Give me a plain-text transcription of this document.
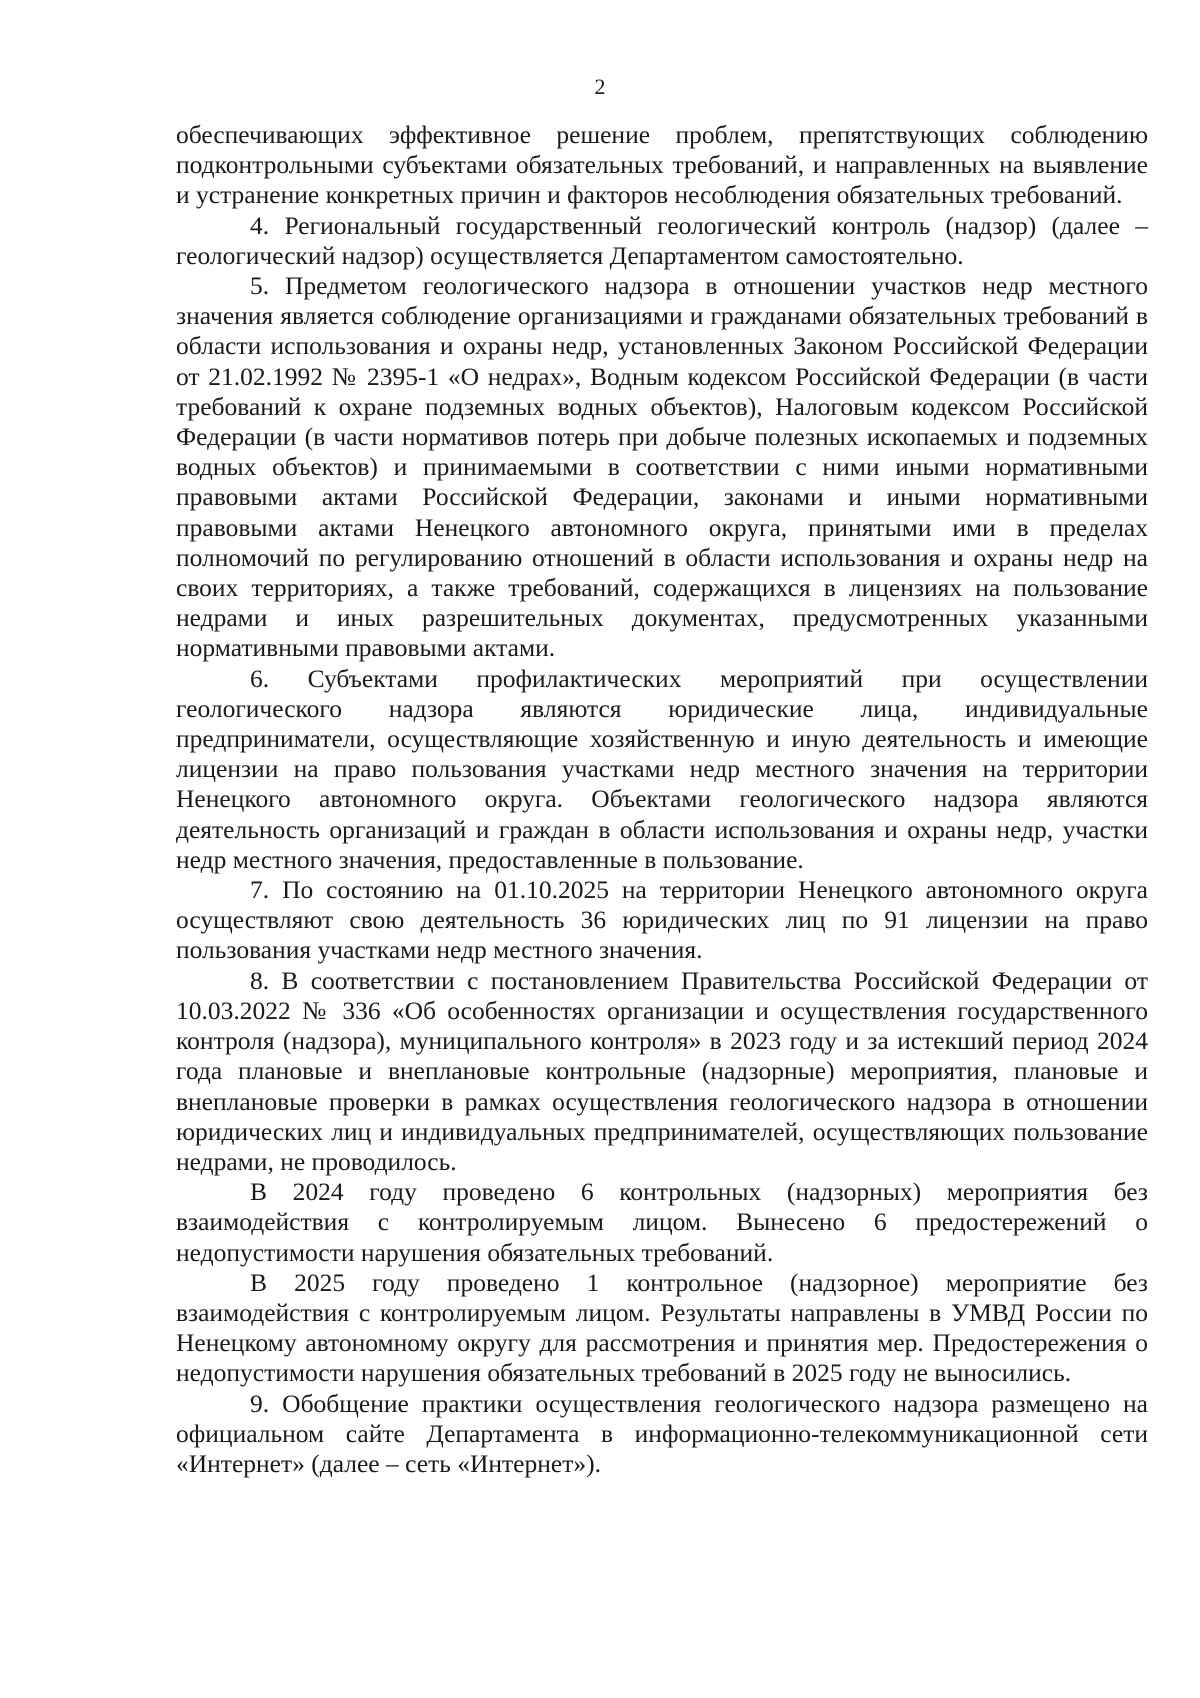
2

обеспечивающих эффективное решение проблем, препятствующих соблюдению подконтрольными субъектами обязательных требований, и направленных на выявление и устранение конкретных причин и факторов несоблюдения обязательных требований.

4. Региональный государственный геологический контроль (надзор) (далее – геологический надзор) осуществляется Департаментом самостоятельно.

5. Предметом геологического надзора в отношении участков недр местного значения является соблюдение организациями и гражданами обязательных требований в области использования и охраны недр, установленных Законом Российской Федерации от 21.02.1992 № 2395-1 «О недрах», Водным кодексом Российской Федерации (в части требований к охране подземных водных объектов), Налоговым кодексом Российской Федерации (в части нормативов потерь при добыче полезных ископаемых и подземных водных объектов) и принимаемыми в соответствии с ними иными нормативными правовыми актами Российской Федерации, законами и иными нормативными правовыми актами Ненецкого автономного округа, принятыми ими в пределах полномочий по регулированию отношений в области использования и охраны недр на своих территориях, а также требований, содержащихся в лицензиях на пользование недрами и иных разрешительных документах, предусмотренных указанными нормативными правовыми актами.

6. Субъектами профилактических мероприятий при осуществлении геологического надзора являются юридические лица, индивидуальные предприниматели, осуществляющие хозяйственную и иную деятельность и имеющие лицензии на право пользования участками недр местного значения на территории Ненецкого автономного округа. Объектами геологического надзора являются деятельность организаций и граждан в области использования и охраны недр, участки недр местного значения, предоставленные в пользование.

7. По состоянию на 01.10.2025 на территории Ненецкого автономного округа осуществляют свою деятельность 36 юридических лиц по 91 лицензии на право пользования участками недр местного значения.

8. В соответствии с постановлением Правительства Российской Федерации от 10.03.2022 № 336 «Об особенностях организации и осуществления государственного контроля (надзора), муниципального контроля» в 2023 году и за истекший период 2024 года плановые и внеплановые контрольные (надзорные) мероприятия, плановые и внеплановые проверки в рамках осуществления геологического надзора в отношении юридических лиц и индивидуальных предпринимателей, осуществляющих пользование недрами, не проводилось.

В 2024 году проведено 6 контрольных (надзорных) мероприятия без взаимодействия с контролируемым лицом. Вынесено 6 предостережений о недопустимости нарушения обязательных требований.

В 2025 году проведено 1 контрольное (надзорное) мероприятие без взаимодействия с контролируемым лицом. Результаты направлены в УМВД России по Ненецкому автономному округу для рассмотрения и принятия мер. Предостережения о недопустимости нарушения обязательных требований в 2025 году не выносились.

9. Обобщение практики осуществления геологического надзора размещено на официальном сайте Департамента в информационно-телекоммуникационной сети «Интернет» (далее – сеть «Интернет»).
